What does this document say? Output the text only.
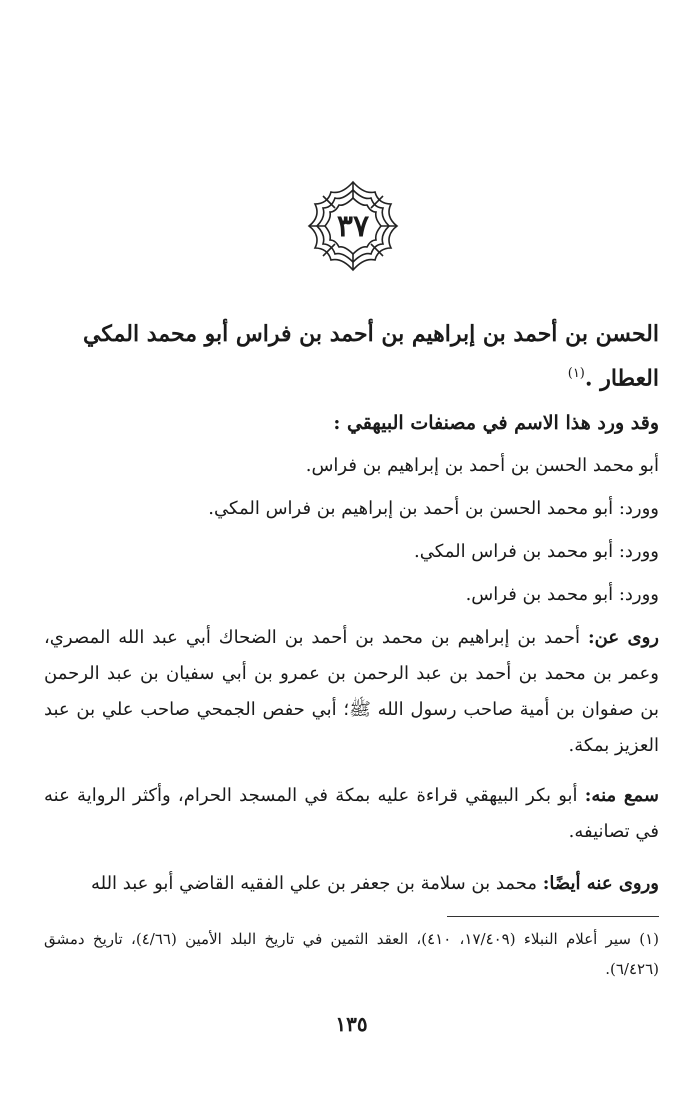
٣٧
الحسن بن أحمد بن إبراهيم بن أحمد بن فراس أبو محمد المكي العطار .$^{(١)}$
وقد ورد هذا الاسم في مصنفات البيهقي :
أبو محمد الحسن بن أحمد بن إبراهيم بن فراس.
وورد: أبو محمد الحسن بن أحمد بن إبراهيم بن فراس المكي.
وورد: أبو محمد بن فراس المكي.
وورد: أبو محمد بن فراس.
روى عن: أحمد بن إبراهيم بن محمد بن أحمد بن الضحاك أبي عبد الله المصري، وعمر بن محمد بن أحمد بن عبد الرحمن بن عمرو بن أبي سفيان بن عبد الرحمن بن صفوان بن أمية صاحب رسول الله ﷺ؛ أبي حفص الجمحي صاحب علي بن عبد العزيز بمكة.
سمع منه: أبو بكر البيهقي قراءة عليه بمكة في المسجد الحرام، وأكثر الرواية عنه في تصانيفه.
وروى عنه أيضًا: محمد بن سلامة بن جعفر بن علي الفقيه القاضي أبو عبد الله
(١) سير أعلام النبلاء (١٧/٤٠٩، ٤١٠)، العقد الثمين في تاريخ البلد الأمين (٤/٦٦)، تاريخ دمشق (٦/٤٢٦).
١٣٥
